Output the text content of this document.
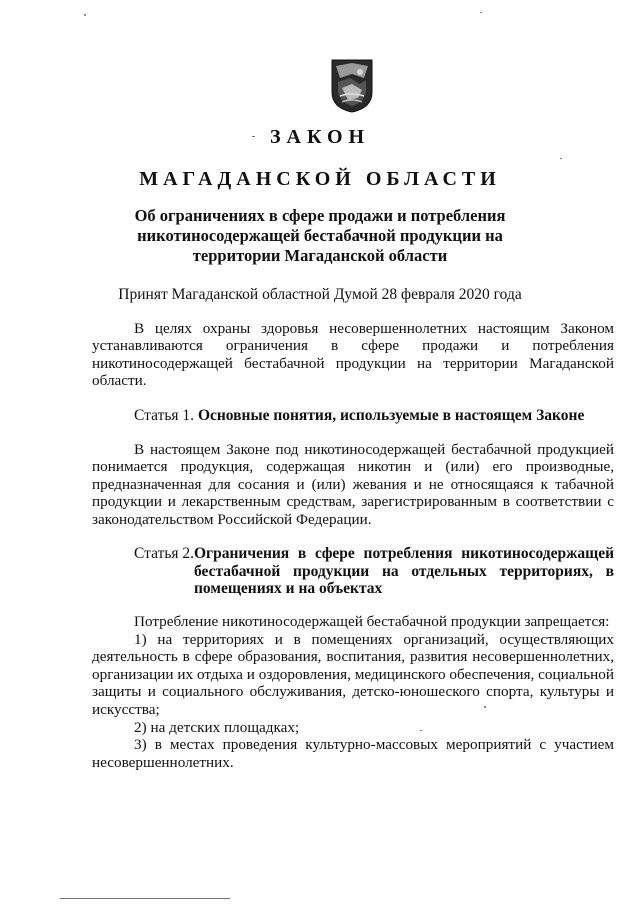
ЗАКОН
МАГАДАНСКОЙ ОБЛАСТИ
Об ограничениях в сфере продажи и потребления никотиносодержащей бестабачной продукции на территории Магаданской области
Принят Магаданской областной Думой 28 февраля 2020 года
В целях охраны здоровья несовершеннолетних настоящим Законом устанавливаются ограничения в сфере продажи и потребления никотиносодержащей бестабачной продукции на территории Магаданской области.
Статья 1. Основные понятия, используемые в настоящем Законе
В настоящем Законе под никотиносодержащей бестабачной продукцией понимается продукция, содержащая никотин и (или) его производные, предназначенная для сосания и (или) жевания и не относящаяся к табачной продукции и лекарственным средствам, зарегистрированным в соответствии с законодательством Российской Федерации.
Статья 2. Ограничения в сфере потребления никотиносодержащей бестабачной продукции на отдельных территориях, в помещениях и на объектах
Потребление никотиносодержащей бестабачной продукции запрещается:
1) на территориях и в помещениях организаций, осуществляющих деятельность в сфере образования, воспитания, развития несовершеннолетних, организации их отдыха и оздоровления, медицинского обеспечения, социальной защиты и социального обслуживания, детско-юношеского спорта, культуры и искусства;
2) на детских площадках;
3) в местах проведения культурно-массовых мероприятий с участием несовершеннолетних.
